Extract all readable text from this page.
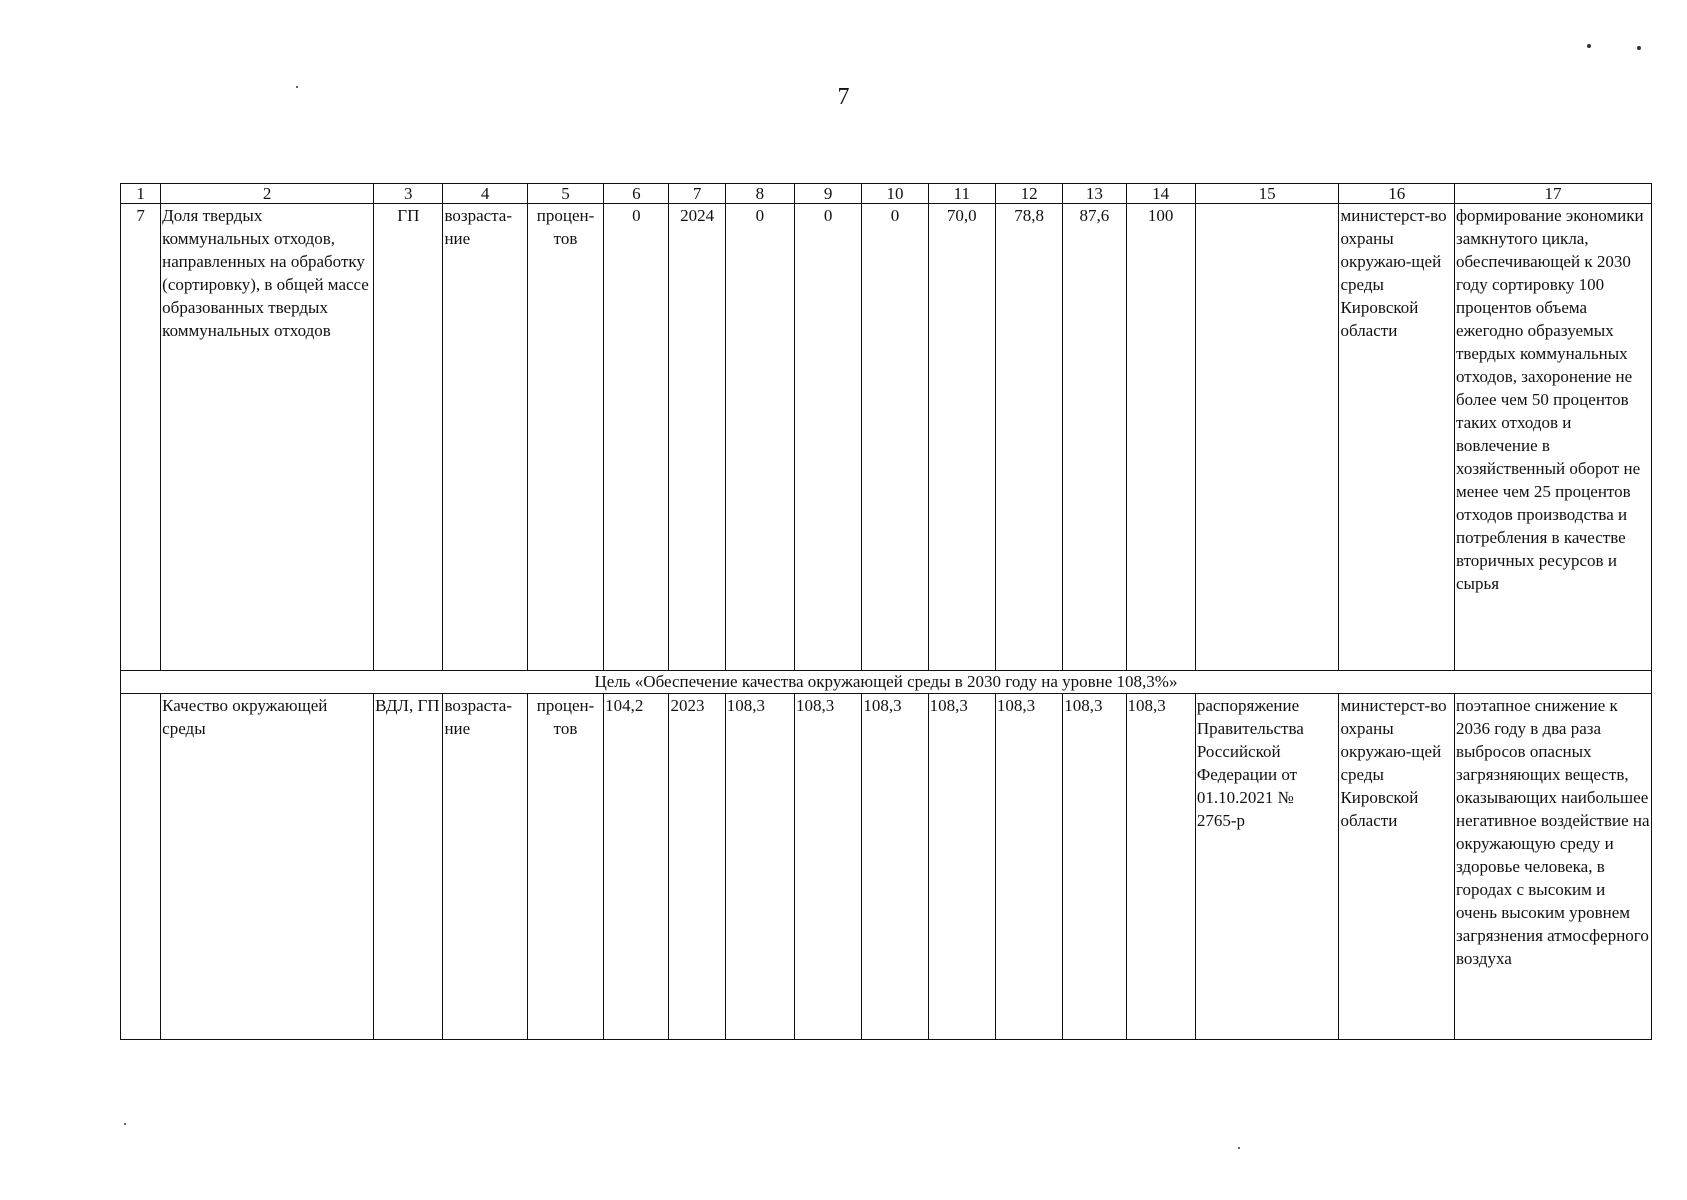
7
1	2	3	4	5	6	7	8	9	10	11	12	13	14	15	16	17
7	Доля твердых коммунальных отходов, направленных на обработку (сортировку), в общей массе образованных твердых коммунальных отходов	ГП	возраста-ние	процен-тов	0	2024	0	0	0	70,0	78,8	87,6	100		министерст-во охраны окружаю-щей среды Кировской области	формирование экономики замкнутого цикла, обеспечивающей к 2030 году сортировку 100 процентов объема ежегодно образуемых твердых коммунальных отходов, захоронение не более чем 50 процентов таких отходов и вовлечение в хозяйственный оборот не менее чем 25 процентов отходов производства и потребления в качестве вторичных ресурсов и сырья
Цель «Обеспечение качества окружающей среды в 2030 году на уровне 108,3%»																
	Качество окружающей среды	ВДЛ, ГП	возраста-ние	процен-тов	104,2	2023	108,3	108,3	108,3	108,3	108,3	108,3	108,3	распоряжение Правительства Российской Федерации от 01.10.2021 № 2765-р	министерст-во охраны окружаю-щей среды Кировской области	поэтапное снижение к 2036 году в два раза выбросов опасных загрязняющих веществ, оказывающих наибольшее негативное воздействие на окружающую среду и здоровье человека, в городах с высоким и очень высоким уровнем загрязнения атмосферного воздуха
